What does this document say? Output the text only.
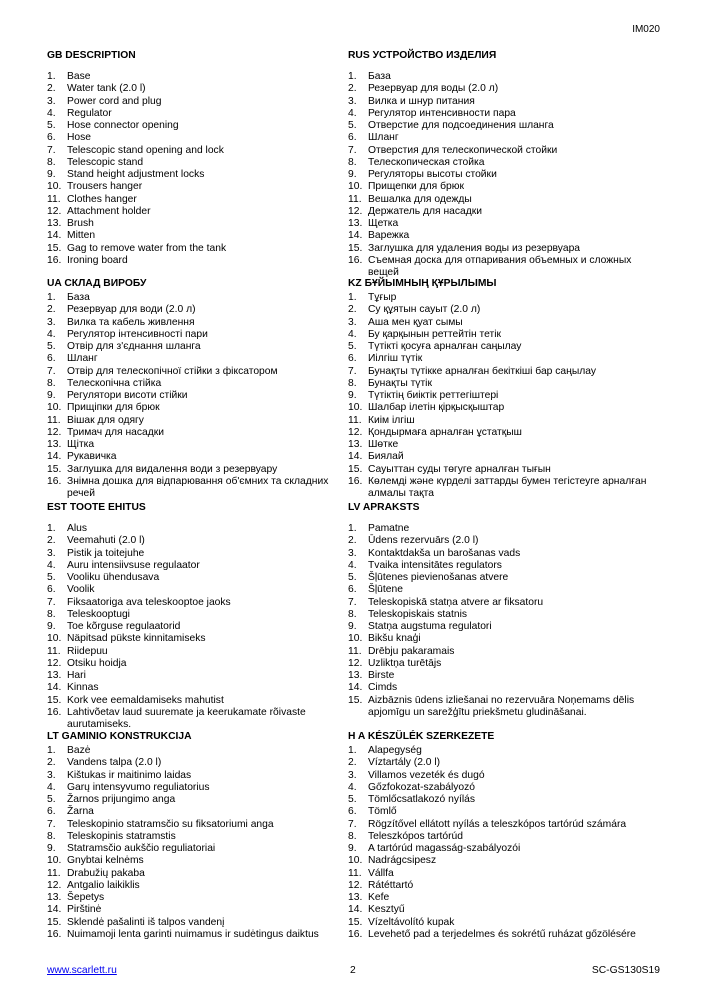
IM020
GB DESCRIPTION
1. Base
2. Water tank (2.0 l)
3. Power cord and plug
4. Regulator
5. Hose connector opening
6. Hose
7. Telescopic stand opening and lock
8. Telescopic stand
9. Stand height adjustment locks
10. Trousers hanger
11. Clothes hanger
12. Attachment holder
13. Brush
14. Mitten
15. Gag to remove water from the tank
16. Ironing board
UA СКЛАД ВИРОБУ
1. База
2. Резервуар для води (2.0 л)
3. Вилка та кабель живлення
4. Регулятор інтенсивності пари
5. Отвір для з'єднання шланга
6. Шланг
7. Отвір для телескопічної стійки з фіксатором
8. Телескопічна стійка
9. Регулятори висоти стійки
10. Прищіпки для брюк
11. Вішак для одягу
12. Тримач для насадки
13. Щітка
14. Рукавичка
15. Заглушка для видалення води з резервуару
16. Знімна дошка для відпарювання об'ємних та складних речей
EST TOOTE EHITUS
1. Alus
2. Veemahuti (2.0 l)
3. Pistik ja toitejuhe
4. Auru intensiivsuse regulaator
5. Vooliku ühendusava
6. Voolik
7. Fiksaatoriga ava teleskooptoe jaoks
8. Teleskooptugi
9. Toe kõrguse regulaatorid
10. Näpitsad pükste kinnitamiseks
11. Riidepuu
12. Otsiku hoidja
13. Hari
14. Kinnas
15. Kork vee eemaldamiseks mahutist
16. Lahtivõetav laud suuremate ja keerukamate rõivaste aurutamiseks.
LT GAMINIO KONSTRUKCIJA
1. Bazė
2. Vandens talpa (2.0 l)
3. Kištukas ir maitinimo laidas
4. Garų intensyvumo reguliatorius
5. Žarnos prijungimo anga
6. Žarna
7. Teleskopinio statramsčio su fiksatoriumi anga
8. Teleskopinis statramstis
9. Statramsčio aukščio reguliatoriai
10. Gnybtai kelnėms
11. Drabužių pakaba
12. Antgalio laikiklis
13. Šepetys
14. Pirštinė
15. Sklendė pašalinti iš talpos vandenį
16. Nuimamoji lenta garinti nuimamus ir sudėtingus daiktus
RUS УСТРОЙСТВО ИЗДЕЛИЯ
1. База
2. Резервуар для воды (2.0 л)
3. Вилка и шнур питания
4. Регулятор интенсивности пара
5. Отверстие для подсоединения шланга
6. Шланг
7. Отверстия для телескопической стойки
8. Телескопическая стойка
9. Регуляторы высоты стойки
10. Прищепки для брюк
11. Вешалка для одежды
12. Держатель для насадки
13. Щетка
14. Варежка
15. Заглушка для удаления воды из резервуара
16. Съемная доска для отпаривания объемных и сложных вещей
KZ БҰЙЫМНЫҢ ҚҰРЫЛЫМЫ
1. Тұғыр
2. Су құятын сауыт (2.0 л)
3. Аша мен қуат сымы
4. Бу қарқынын реттейтін тетік
5. Түтікті қосуға арналған саңылау
6. Иілгіш түтік
7. Бунақты түтікке арналған бекіткіші бар саңылау
8. Бунақты түтік
9. Түтіктің биіктік реттегіштері
10. Шалбар ілетін қірқысқыштар
11. Киім ілгіш
12. Қондырмаға арналған ұстатқыш
13. Шөтке
14. Биялай
15. Сауыттан суды төгуге арналған тығын
16. Көлемді және күрделі заттарды бумен тегістеуге арналған алмалы тақта
LV APRAKSTS
1. Pamatne
2. Ūdens rezervuārs (2.0 l)
3. Kontaktdakša un barošanas vads
4. Tvaika intensitātes regulators
5. Šļūtenes pievienošanas atvere
6. Šļūtene
7. Teleskopiskā statņa atvere ar fiksatoru
8. Teleskopiskais statnis
9. Statņa augstuma regulatori
10. Bikšu knaģi
11. Drēbju pakaramais
12. Uzliktņa turētājs
13. Birste
14. Cimds
15. Aizbāznis ūdens izliešanai no rezervuāra Noņemams dēlis apjomīgu un sarežģītu priekšmetu gludināšanai.
H A KÉSZÜLÉK SZERKEZETE
1. Alapegység
2. Víztartály (2.0 l)
3. Villamos vezeték és dugó
4. Gőzfokozat-szabályozó
5. Tömlőcsatlakozó nyílás
6. Tömlő
7. Rögzítővel ellátott nyílás a teleszkópos tartórúd számára
8. Teleszkópos tartórúd
9. A tartórúd magasság-szabályozói
10. Nadrágcsipesz
11. Vállfa
12. Rátéttartó
13. Kefe
14. Kesztyű
15. Vízeltávolító kupak
16. Levehető pad a terjedelmes és sokrétű ruházat gőzölésére
www.scarlett.ru	2	SC-GS130S19
